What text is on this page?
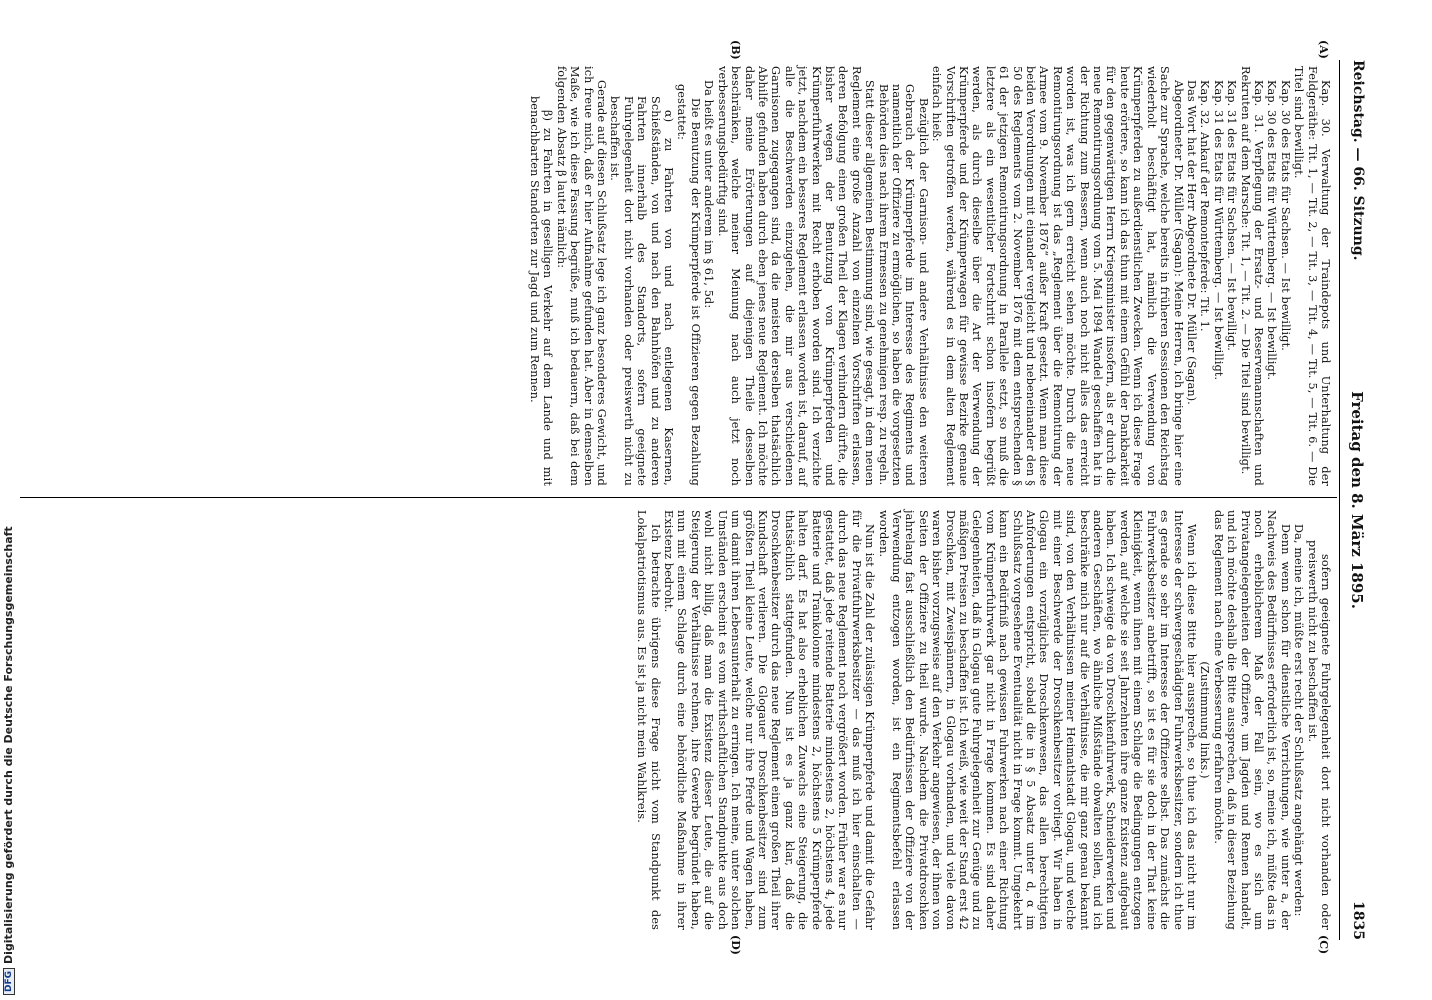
Reichstag. — 66. Sitzung.
Freitag den 8. März 1895.
1835
(A)
(B)
(C)
(D)

Kap. 30. Verwaltung der Traindepots und Unterhaltung der Feldgeräthe: Tit. 1, — Tit. 2, — Tit. 3, — Tit. 4, — Tit. 5, — Tit. 6. — Die Titel sind bewilligt.

Kap. 30 des Etats für Sachsen. — Ist bewilligt.

Kap. 30 des Etats für Württemberg. — Ist bewilligt.

Kap. 31. Verpflegung der Ersatz- und Reservemannschaften und Rekruten auf dem Marsche: Tit. 1, — Tit. 2. — Die Titel sind bewilligt.

Kap. 31 des Etats für Sachsen. — Ist bewilligt.

Kap. 31 des Etats für Württemberg. — Ist bewilligt.

Kap. 32. Ankauf der Remontepferde: Tit. 1.

Das Wort hat der Herr Abgeordnete Dr. Müller (Sagan).

Abgeordneter Dr. Müller (Sagan): Meine Herren, ich bringe hier eine Sache zur Sprache, welche bereits in früheren Sessionen den Reichstag wiederholt beschäftigt hat, nämlich die Verwendung von Krümperpferden zu außerdienstlichen Zwecken. Wenn ich diese Frage heute erörtere, so kann ich das thun mit einem Gefühl der Dankbarkeit für den gegenwärtigen Herrn Kriegsminister insofern, als er durch die neue Remontirungsordnung vom 5. Mai 1894 Wandel geschaffen hat in der Richtung zum Bessern, wenn auch noch nicht alles das erreicht worden ist, was ich gern erreicht sehen möchte. Durch die neue Remontirungsordnung ist das „Reglement über die Remontirung der Armee vom 9. November 1876“ außer Kraft gesetzt. Wenn man diese beiden Verordnungen mit einander vergleicht und nebeneinander den § 50 des Reglements vom 2. November 1876 mit dem entsprechenden § 61 der jetzigen Remontirungsordnung in Parallele setzt, so muß die letztere als ein wesentlicher Fortschritt schon insofern begrüßt werden, als durch dieselbe über die Art der Verwendung der Krümperpferde und der Krümperwagen für gewisse Bezirke genaue Vorschriften getroffen werden, während es in dem alten Reglement einfach hieß:

Bezüglich der Garnison- und andere Verhältnisse den weiteren Gebrauch der Krümperpferde im Interesse des Regiments und namentlich der Offiziere zu ermöglichen, so haben die vorgesetzten Behörden dies nach ihrem Ermessen zu genehmigen resp. zu regeln.

Statt dieser allgemeinen Bestimmung sind, wie gesagt, in dem neuen Reglement eine große Anzahl von einzelnen Vorschriften erlassen, deren Befolgung einen großen Theil der Klagen verhindern dürfte, die bisher wegen der Benutzung von Krümperpferden und Krümperfuhrwerken mit Recht erhoben worden sind. Ich verzichte jetzt, nachdem ein besseres Reglement erlassen worden ist, darauf, auf alle die Beschwerden einzugehen, die mir aus verschiedenen Garnisonen zugegangen sind, da die meisten derselben thatsächlich Abhilfe gefunden haben durch eben jenes neue Reglement. Ich möchte daher meine Erörterungen auf diejenigen Theile desselben beschränken, welche meiner Meinung nach auch jetzt noch verbesserungsbedürftig sind.

Da heißt es unter anderem im § 61, 5d:

Die Benutzung der Krümperpferde ist Offizieren gegen Bezahlung gestattet:

α) zu Fahrten von und nach entlegenen Kasernen, Schießständen, von und nach den Bahnhöfen und zu anderen Fahrten innerhalb des Standorts, sofern geeignete Fuhrgelegenheit dort nicht vorhanden oder preiswerth nicht zu beschaffen ist.

Gerade auf diesen Schlußsatz lege ich ganz besonderes Gewicht, und ich freue mich, daß er hier Aufnahme gefunden hat. Aber in demselben Maße, wie ich diese Fassung begrüße, muß ich bedauern, daß bei dem folgenden Absatz β lautet nämlich:

β) zu Fahrten in geselligen Verkehr auf dem Lande und mit benachbarten Standorten zur Jagd und zum Rennen.

sofern geeignete Fuhrgelegenheit dort nicht vorhanden oder preiswerth nicht zu beschaffen ist.

Da, meine ich, müßte erst recht der Schlußsatz angehängt werden:

Denn wenn schon für dienstliche Verrichtungen, wie unter a, der Nachweis des Bedürfnisses erforderlich ist, so, meine ich, müßte das in noch erheblicherem Maß der Fall sein, wo es sich um Privatangelegenheiten der Offiziere, um Jagden und Rennen handelt, und ich möchte deshalb die Bitte aussprechen, daß in dieser Beziehung das Reglement nach eine Verbesserung erfahren möchte.

(Zustimmung links.)

Wenn ich diese Bitte hier ausspreche, so thue ich das nicht nur im Interesse der schwergeschädigten Fuhrwerksbesitzer, sondern ich thue es gerade so sehr im Interesse der Offiziere selbst. Das zunächst die Fuhrwerksbesitzer anbetrifft, so ist es für sie doch in der That keine Kleinigkeit, wenn ihnen mit einem Schlage die Bedingungen entzogen werden, auf welche sie seit Jahrzehnten ihre ganze Existenz aufgebaut haben. Ich schweige da von Droschkenfuhrwerk, Schneiderwerken und anderen Geschäften, wo ähnliche Mißstände obwalten sollen, und ich beschränke mich nur auf die Verhältnisse, die mir ganz genau bekannt sind, von den Verhältnissen meiner Heimathstadt Glogau, und welche mit einer Beschwerde der Droschkenbesitzer vorliegt. Wir haben in Glogau ein vorzügliches Droschkenwesen, das allen berechtigten Anforderungen entspricht, sobald die in § 5 Absatz unter d, α im Schlußsatz vorgesehene Eventualität nicht in Frage kommt. Umgekehrt kann ein Bedürfniß nach gewissen Fuhrwerken nach einer Richtung vom Krümperfuhrwerk gar nicht in Frage kommen. Es sind daher Gelegenheiten, daß in Glogau gute Fuhrgelegenheit zur Genüge und zu mäßigen Preisen zu beschaffen ist. Ich weiß, wie weit der Stand erst 42 Droschken, mit Zweispännern, in Glogau vorhanden, und viele davon waren bisher vorzugsweise auf den Verkehr angewiesen, der ihnen von Seiten der Offiziere zu theil wurde. Nachdem die Privatdroschken jahrelang fast ausschließlich den Bedürfnissen der Offiziere von der Verwendung entzogen worden, ist ein Regimentsbefehl erlassen worden.

Nun ist die Zahl der zulässigen Krümperpferde und damit die Gefahr für die Privatfuhrwerksbesitzer — das muß ich hier einschalten — durch das neue Reglement noch vergrößert worden. Früher war es nur gestattet, daß jede reitende Batterie mindestens 2, höchstens 4, jede Batterie und Trainkolonne mindestens 2, höchstens 5 Krümperpferde halten darf. Es hat also erheblichen Zuwachs eine Steigerung, die thatsächlich stattgefunden. Nun ist es ja ganz klar, daß die Droschkenbesitzer durch das neue Reglement einen großen Theil ihrer Kundschaft verlieren. Die Glogauer Droschkenbesitzer sind zum größten Theil kleine Leute, welche nur ihre Pferde und Wagen haben, um damit ihren Lebensunterhalt zu erringen. Ich meine, unter solchen Umständen erscheint es vom wirthschaftlichen Standpunkte aus doch wohl nicht billig, daß man die Existenz dieser Leute, die auf die Steigerung der Verhältnisse rechnen, ihre Gewerbe begründet haben, nun mit einem Schlage durch eine behördliche Maßnahme in ihrer Existenz bedroht.

Ich betrachte übrigens diese Frage nicht vom Standpunkt des Lokalpatriotismus aus. Es ist ja nicht mein Wahlkreis.

DFGDigitalisierung gefördert durch die Deutsche Forschungsgemeinschaft
